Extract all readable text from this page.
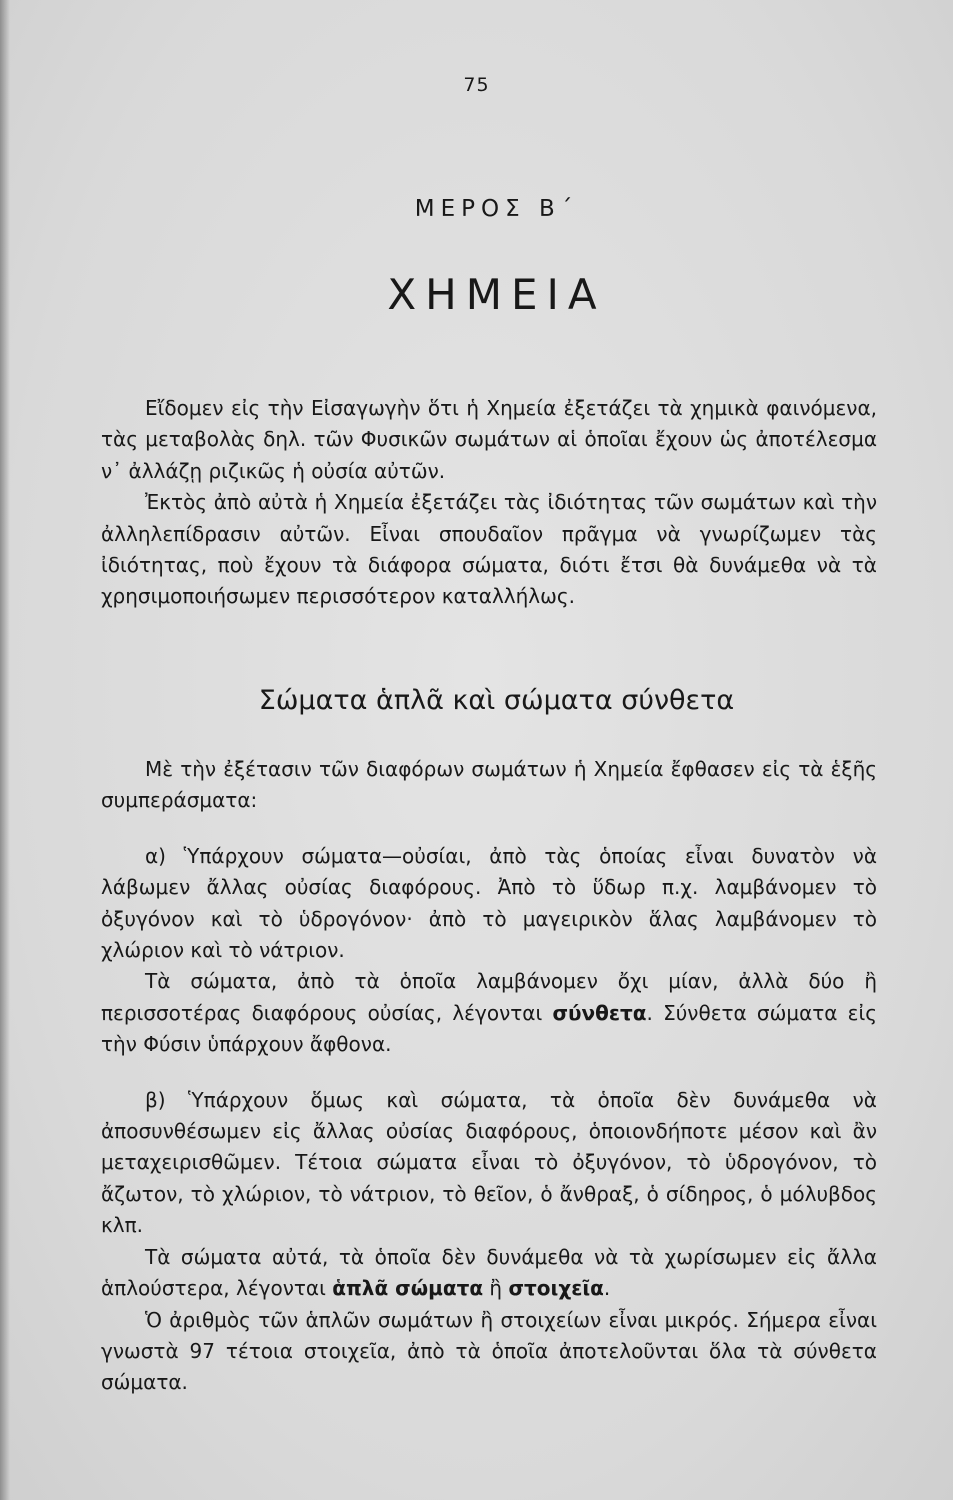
75
ΜΕΡΟΣ Β΄
ΧΗΜΕΙΑ

Εἴδομεν εἰς τὴν Εἰσαγωγὴν ὅτι ἡ Χημεία ἐξετάζει τὰ χημικὰ φαινόμενα, τὰς μεταβολὰς δηλ. τῶν Φυσικῶν σωμάτων αἱ ὁποῖαι ἔχουν ὡς ἀποτέλεσμα ν᾽ ἀλλάζῃ ριζικῶς ἡ οὐσία αὐτῶν.

Ἐκτὸς ἀπὸ αὐτὰ ἡ Χημεία ἐξετάζει τὰς ἰδιότητας τῶν σωμάτων καὶ τὴν ἀλληλεπίδρασιν αὐτῶν. Εἶναι σπουδαῖον πρᾶγμα νὰ γνωρίζωμεν τὰς ἰδιότητας, ποὺ ἔχουν τὰ διάφορα σώματα, διότι ἔτσι θὰ δυνάμεθα νὰ τὰ χρησιμοποιήσωμεν περισσότερον καταλλήλως.

Σώματα ἁπλᾶ καὶ σώματα σύνθετα

Μὲ τὴν ἐξέτασιν τῶν διαφόρων σωμάτων ἡ Χημεία ἔφθασεν εἰς τὰ ἑξῆς συμπεράσματα:

α) Ὑπάρχουν σώματα—οὐσίαι, ἀπὸ τὰς ὁποίας εἶναι δυνατὸν νὰ λάβωμεν ἄλλας οὐσίας διαφόρους. Ἀπὸ τὸ ὕδωρ π.χ. λαμβάνομεν τὸ ὀξυγόνον καὶ τὸ ὑδρογόνον· ἀπὸ τὸ μαγειρικὸν ἅλας λαμβάνομεν τὸ χλώριον καὶ τὸ νάτριον.

Τὰ σώματα, ἀπὸ τὰ ὁποῖα λαμβάνομεν ὄχι μίαν, ἀλλὰ δύο ἢ περισσοτέρας διαφόρους οὐσίας, λέγονται σύνθετα. Σύνθετα σώματα εἰς τὴν Φύσιν ὑπάρχουν ἄφθονα.

β) Ὑπάρχουν ὅμως καὶ σώματα, τὰ ὁποῖα δὲν δυνάμεθα νὰ ἀποσυνθέσωμεν εἰς ἄλλας οὐσίας διαφόρους, ὁποιονδήποτε μέσον καὶ ἂν μεταχειρισθῶμεν. Τέτοια σώματα εἶναι τὸ ὀξυγόνον, τὸ ὑδρογόνον, τὸ ἄζωτον, τὸ χλώριον, τὸ νάτριον, τὸ θεῖον, ὁ ἄνθραξ, ὁ σίδηρος, ὁ μόλυβδος κλπ.

Τὰ σώματα αὐτά, τὰ ὁποῖα δὲν δυνάμεθα νὰ τὰ χωρίσωμεν εἰς ἄλλα ἁπλούστερα, λέγονται ἁπλᾶ σώματα ἢ στοιχεῖα.

Ὁ ἀριθμὸς τῶν ἁπλῶν σωμάτων ἢ στοιχείων εἶναι μικρός. Σήμερα εἶναι γνωστὰ 97 τέτοια στοιχεῖα, ἀπὸ τὰ ὁποῖα ἀποτελοῦνται ὅλα τὰ σύνθετα σώματα.
